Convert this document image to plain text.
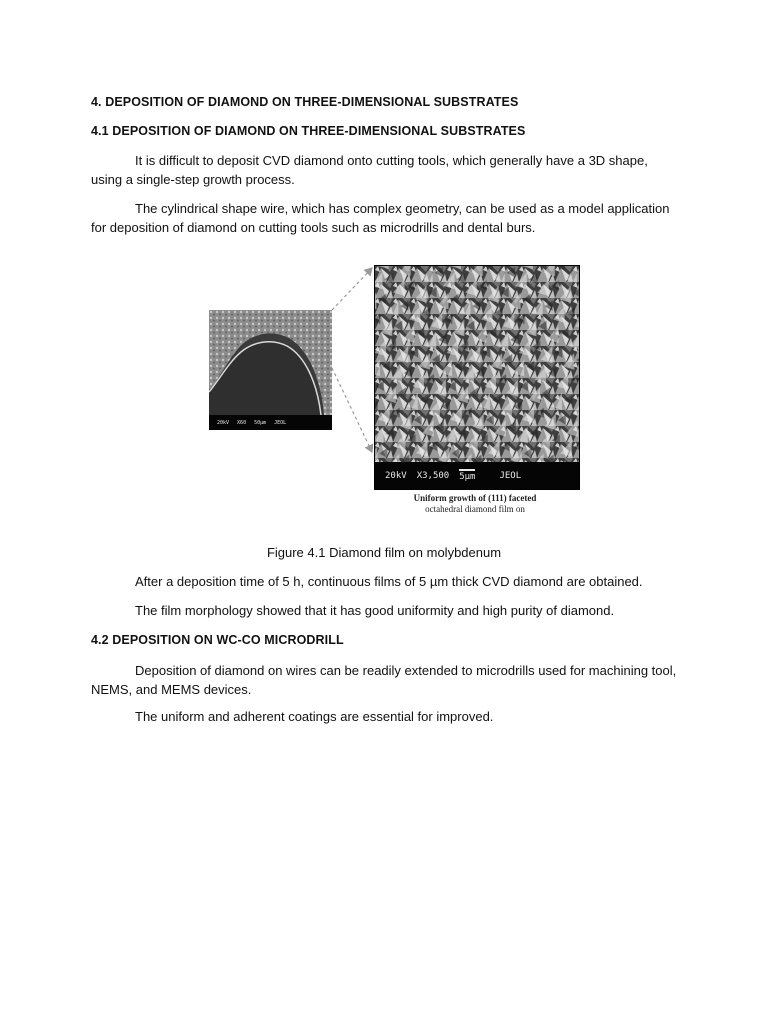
4. DEPOSITION OF DIAMOND ON THREE-DIMENSIONAL SUBSTRATES
4.1 DEPOSITION OF DIAMOND ON THREE-DIMENSIONAL SUBSTRATES
It is difficult to deposit CVD diamond onto cutting tools, which generally have a 3D shape, using a single-step growth process.
The cylindrical shape wire, which has complex geometry, can be used as a model application for deposition of diamond on cutting tools such as microdrills and dental burs.
20kV X60 50μm JEOL
20kV X3,500 5μm	JEOL
Uniform growth of (111) faceted
octahedral diamond film on
Figure 4.1 Diamond film on molybdenum
After a deposition time of 5 h, continuous films of 5 µm thick CVD diamond are obtained.
The film morphology showed that it has good uniformity and high purity of diamond.
4.2 DEPOSITION ON WC-CO MICRODRILL
Deposition of diamond on wires can be readily extended to microdrills used for machining tool, NEMS, and MEMS devices.
The uniform and adherent coatings are essential for improved.
